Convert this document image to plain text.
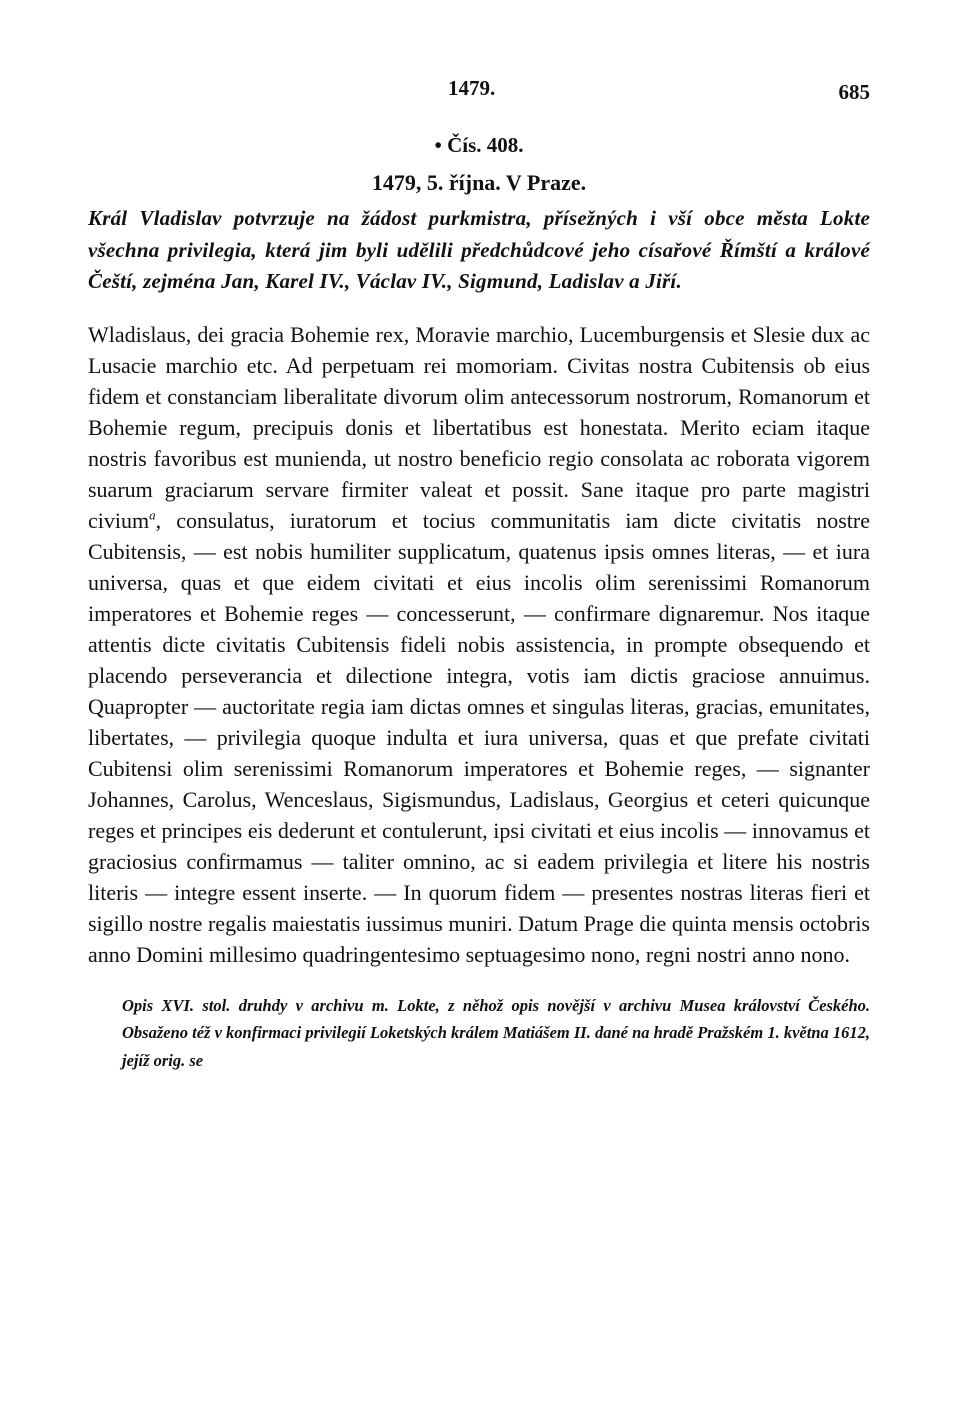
1479.	685
• Čís. 408.
1479, 5. října. V Praze.

Král Vladislav potvrzuje na žádost purkmistra, přísežných i vší obce města Lokte všechna privilegia, která jim byli udělili předchůdcové jeho císařové Římští a králové Čeští, zejména Jan, Karel IV., Václav IV., Sigmund, Ladislav a Jiří.

Wladislaus, dei gracia Bohemie rex, Moravie marchio, Lucemburgensis et Slesie dux ac Lusacie marchio etc. Ad perpetuam rei momoriam. Civitas nostra Cubitensis ob eius fidem et constanciam liberalitate divorum olim antecessorum nostrorum, Romanorum et Bohemie regum, precipuis donis et libertatibus est honestata. Merito eciam itaque nostris favoribus est munienda, ut nostro beneficio regio consolata ac roborata vigorem suarum graciarum servare firmiter valeat et possit. Sane itaque pro parte magistri civium$^a$, consulatus, iuratorum et tocius communitatis iam dicte civitatis nostre Cubitensis, — est nobis humiliter supplicatum, quatenus ipsis omnes literas, — et iura universa, quas et que eidem civitati et eius incolis olim serenissimi Romanorum imperatores et Bohemie reges — concesserunt, — confirmare dignaremur. Nos itaque attentis dicte civitatis Cubitensis fideli nobis assistencia, in prompte obsequendo et placendo perseverancia et dilectione integra, votis iam dictis graciose annuimus. Quapropter — auctoritate regia iam dictas omnes et singulas literas, gracias, emunitates, libertates, — privilegia quoque indulta et iura universa, quas et que prefate civitati Cubitensi olim serenissimi Romanorum imperatores et Bohemie reges, — signanter Johannes, Carolus, Wenceslaus, Sigismundus, Ladislaus, Georgius et ceteri quicunque reges et principes eis dederunt et contulerunt, ipsi civitati et eius incolis — innovamus et graciosius confirmamus — taliter omnino, ac si eadem privilegia et litere his nostris literis — integre essent inserte. — In quorum fidem — presentes nostras literas fieri et sigillo nostre regalis maiestatis iussimus muniri. Datum Prage die quinta mensis octobris anno Domini millesimo quadringentesimo septuagesimo nono, regni nostri anno nono.

Opis XVI. stol. druhdy v archivu m. Lokte, z něhož opis novější v archivu Musea království Českého. Obsaženo též v konfirmaci privilegií Loketských králem Matiášem II. dané na hradě Pražském 1. května 1612, jejíž orig. se
